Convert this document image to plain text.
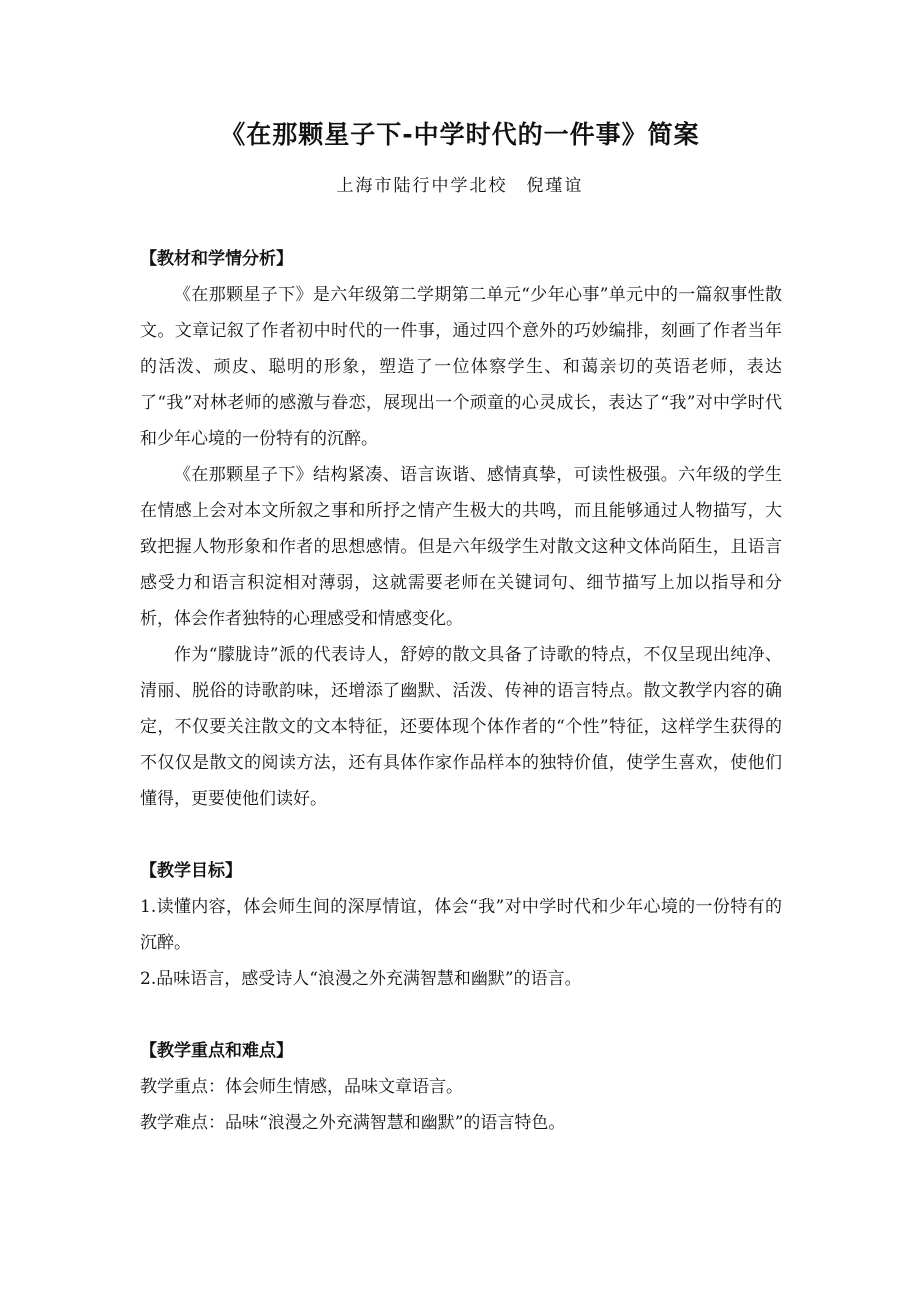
《在那颗星子下-中学时代的一件事》简案

上海市陆行中学北校　倪瑾谊

【教材和学情分析】

《在那颗星子下》是六年级第二学期第二单元“少年心事”单元中的一篇叙事性散文。文章记叙了作者初中时代的一件事，通过四个意外的巧妙编排，刻画了作者当年的活泼、顽皮、聪明的形象，塑造了一位体察学生、和蔼亲切的英语老师，表达了“我”对林老师的感激与眷恋，展现出一个顽童的心灵成长，表达了“我”对中学时代和少年心境的一份特有的沉醉。

《在那颗星子下》结构紧凑、语言诙谐、感情真挚，可读性极强。六年级的学生在情感上会对本文所叙之事和所抒之情产生极大的共鸣，而且能够通过人物描写，大致把握人物形象和作者的思想感情。但是六年级学生对散文这种文体尚陌生，且语言感受力和语言积淀相对薄弱，这就需要老师在关键词句、细节描写上加以指导和分析，体会作者独特的心理感受和情感变化。

作为“朦胧诗”派的代表诗人，舒婷的散文具备了诗歌的特点，不仅呈现出纯净、清丽、脱俗的诗歌韵味，还增添了幽默、活泼、传神的语言特点。散文教学内容的确定，不仅要关注散文的文本特征，还要体现个体作者的“个性”特征，这样学生获得的不仅仅是散文的阅读方法，还有具体作家作品样本的独特价值，使学生喜欢，使他们懂得，更要使他们读好。

【教学目标】

1.读懂内容，体会师生间的深厚情谊，体会“我”对中学时代和少年心境的一份特有的沉醉。

2.品味语言，感受诗人“浪漫之外充满智慧和幽默”的语言。

【教学重点和难点】

教学重点：体会师生情感，品味文章语言。

教学难点：品味“浪漫之外充满智慧和幽默”的语言特色。
